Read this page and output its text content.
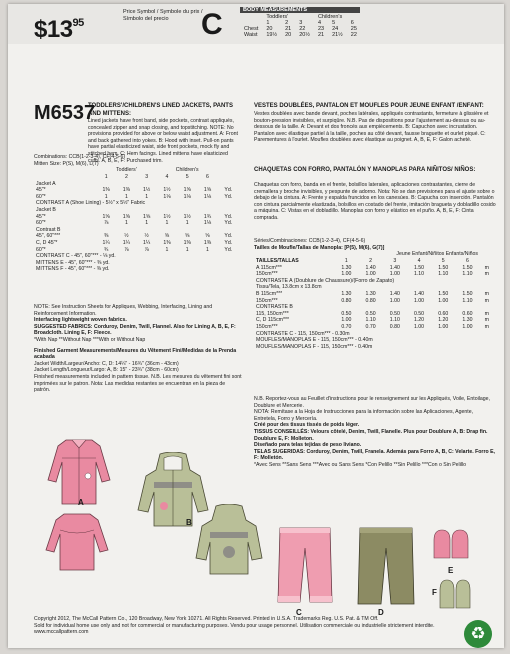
$\$13^{95}$
Price Symbol / Symbole du prix / Símbolo del precio	C	BODY MEASUREMENTS
	Toddlers'			Children's		
	1	2	3	4	5	6
Chest	20	21	22	23	24	25
Waist	19½	20	20½	21	21½	22
M6537
TODDLERS'/CHILDREN'S LINED JACKETS, PANTS AND MITTENS:
Lined jackets have front band, side pockets, contrast appliqués, concealed zipper and snap closing, and topstitching. NOTE: No provisions provided for above or below waist adjustment. A: Front and back gathered into yokes. B: Hood with inset. Pull-on pants have partial elasticized waist, side front pockets, mock fly and stitched hem. C: Hem facings. Lined mittens have elasticized cuffs. A, B, E, F: Purchased trim.
Combinations: CCB(1-2-3-4), CF(4-5-6)
Mitten Size: P(S), M(6), L(7)
	Toddlers'			Children's			
	1	2	3	4	5	6	
Jacket A							
45"*	1⅜	1⅜	1½	1½	1⅝	1⅝	Yd.
60"*	1	1	1	1⅛	1⅛	1⅛	Yd.
CONTRAST A (Shoe Lining) - 5½" x 5½" Fabric							
Jacket B							
45"*	1⅝	1⅝	1⅝	1½	1½	1¾	Yd.
60"*	⅞	1	1	1	1	1⅛	Yd.
Contrast B							
45", 60"***	⅜	½	½	⅝	⅝	⅝	Yd.
C, D 45"*	1¼	1¼	1¼	1⅜	1⅜	1⅜	Yd.
60"*	¾	⅞	⅞	1	1	1	Yd.
CONTRAST C - 45", 60"*** - ⅛ yd.							
MITTENS E - 45", 60"*** - ⅜ yd.							
MITTENS F - 45", 60"*** - ⅜ yd.							
NOTE: See Instruction Sheets for Appliques, Webbing, Interfacing, Lining and Reinforcement Information.
Interfacing lightweight woven fabrics.
SUGGESTED FABRICS: Corduroy, Denim, Twill, Flannel. Also for Lining A, B, E, F: Broadcloth. Lining E, F: Fleece.
*With Nap **Without Nap ***With or Without Nap
Finished Garment Measurements/Mesures du Vêtement Fini/Medidas de la Prenda acabada
Jacket Width/Largeur/Ancho: C, D: 14¼" - 16¾" (36cm - 43cm)
Jacket Length/Longueur/Largo: A, B: 15" - 23¾" (38cm - 60cm)
Finished measurements included in pattern tissue. N.B. Les mesures du vêtement fini sont imprimées sur le patron. Nota: Las medidas restantes se encuentran en la pieza de patrón.
VESTES DOUBLÉES, PANTALON ET MOUFLES POUR JEUNE ENFANT /ENFANT:
Vestes doublées avec bande devant, poches latérales, appliqués contrastants, fermeture à glissière et bouton-pression invisibles, et surpiqûre. N.B. Pas de dispositions pour l'ajustement au-dessus ou au-dessous de la taille. A: Devant et dos froncés aux empiècements. B: Capuchon avec incrustation. Pantalon avec élastique partiel à la taille, poches au côté devant, fausse braguette et ourlet piqué. C: Parementures à l'ourlet. Moufles doublées avec élastique au poignet. A, B, E, F: Galon acheté.
CHAQUETAS CON FORRO, PANTALÓN Y MANOPLAS PARA NIÑITOS/ NIÑOS:
Chaquetas con forro, banda en el frente, bolsillos laterales, aplicaciones contrastantes, cierre de cremallera y broche invisibles, y pespunte de adorno. Nota: No se dan previsiones para el ajuste sobre o debajo de la cintura. A: Frente y espalda fruncidos en los canesúes. B: Capucha con inserción. Pantalón con cintura parcialmente elastizada, bolsillos en costado del frente, imitación bragueta y dobladillo cosido a máquina. C: Vistas en el dobladillo. Manoplas con forro y elástico en el puño. A, B, E, F: Cinta comprada.
Séries/Combinaciones: CCB(1-2-3-4), CF(4-5-6)
Tailles de Moufle/Tallas de Manopla: [P(5), M(6), G(7)]
Jeune Enfant/Niñitos Enfants/Niños
TAILLES/TALLAS	1	2	3	4	5	6	
A 115cm***	1.30	1.40	1.40	1.50	1.50	1.50	m
150cm***	1.00	1.00	1.00	1.10	1.10	1.10	m
CONTRASTE A (Doublure de Chaussure)/(Forro de Zapato)							
Tissu/Tela, 13.8cm x 13.8cm							
B 115cm***	1.30	1.30	1.40	1.40	1.50	1.50	m
150cm***	0.80	0.80	1.00	1.00	1.00	1.10	m
CONTRASTE B							
115, 150cm***	0.50	0.50	0.50	0.50	0.60	0.60	m
C, D 115cm***	1.00	1.10	1.10	1.20	1.20	1.30	m
150cm***	0.70	0.70	0.80	1.00	1.00	1.00	m
CONTRASTE C - 115, 150cm*** - 0.30m							
MOUFLES/MANOPLAS E - 115, 150cm*** - 0.40m							
MOUFLES/MANOPLAS F - 115, 150cm*** - 0.40m							
N.B. Reportez-vous au Feuillet d'instructions pour le renseignement sur les Appliqués, Voile, Entoilage, Doublure et Mercerie.
NOTA: Remítase a la Hoja de Instrucciones para la información sobre las Aplicaciones, Agente, Entretela, Forro y Mercería.
Créé pour des tissus tissés de poids léger.
TISSUS CONSEILLÉS: Velours côtelé, Denim, Twill, Flanelle. Plus pour Doublure A, B: Drap fin. Doublure E, F: Molleton.
Diseñado para telas tejidas de peso liviano.
TELAS SUGERIDAS: Corduroy, Denim, Twill, Franela. Además para Forro A, B, C: Velarte. Forro E, F: Molletón.
*Avec Sens **Sans Sens ***Avec ou Sans Sens *Con Pelillo **Sin Pelillo ***Con o Sin Pelillo
A
B
C	D
E
F
Copyright 2012, The McCall Pattern Co., 120 Broadway, New York 10271. All Rights Reserved. Printed in U.S.A. Trademarks Reg. U.S. Pat. & TM Off.
Sold for individual home use only and not for commercial or manufacturing purposes. Vendu pour usage personnel. Utilisation commerciale ou industrielle strictement interdite. www.mccallpattern.com	♻
